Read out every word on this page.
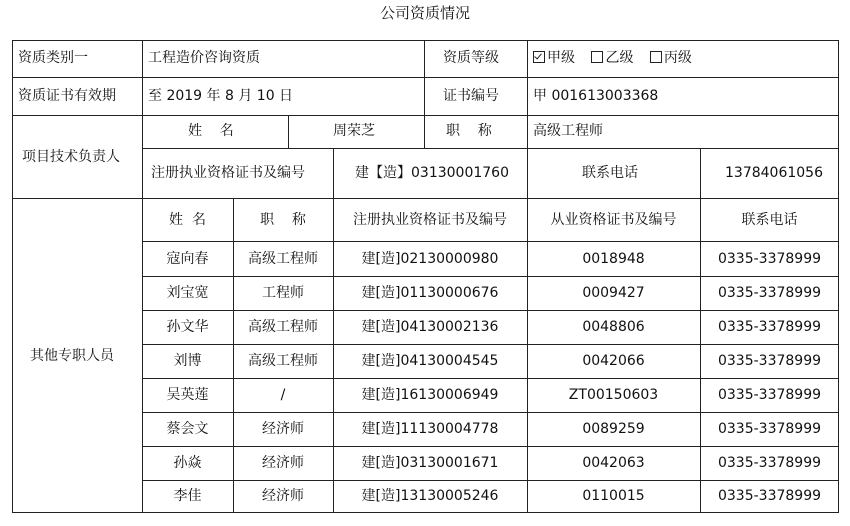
公司资质情况
资质类别一	工程造价咨询资质	资质等级	甲级 乙级 丙级
资质证书有效期 至 2019 年 8 月 10 日	证书编号 甲 001613003368
项目技术负责人
姓    名	周荣芝	职    称	高级工程师
注册执业资格证书及编号	建【造】03130001760	联系电话	13784061056
其他专职人员
姓  名	职    称	注册执业资格证书及编号	从业资格证书及编号	联系电话
寇向春	高级工程师	建[造]02130000980	0018948	0335-3378999
刘宝宽	工程师	建[造]01130000676	0009427	0335-3378999
孙文华	高级工程师	建[造]04130002136	0048806	0335-3378999
刘博	高级工程师	建[造]04130004545	0042066	0335-3378999
吴英莲	/	建[造]16130006949	ZT00150603	0335-3378999
蔡会文	经济师	建[造]11130004778	0089259	0335-3378999
孙焱	经济师	建[造]03130001671	0042063	0335-3378999
李佳	经济师	建[造]13130005246	0110015	0335-3378999
